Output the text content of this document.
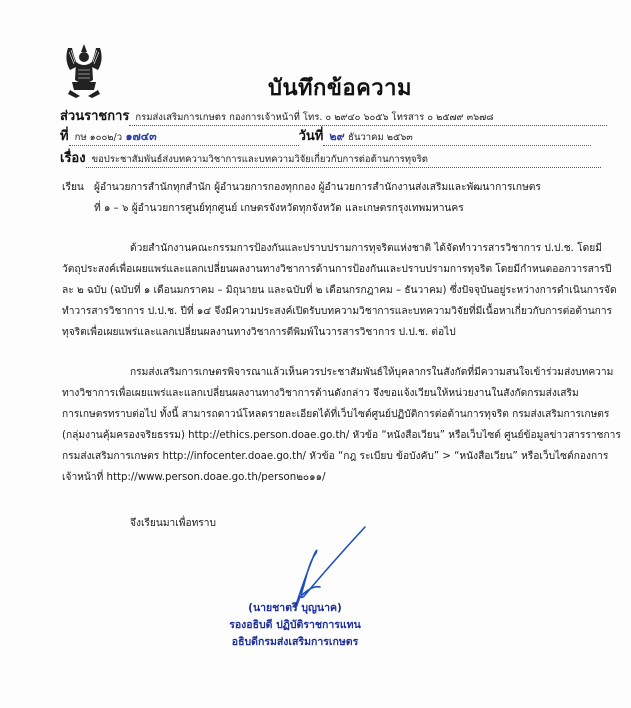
บันทึกข้อความ
ส่วนราชการ กรมส่งเสริมการเกษตร กองการเจ้าหน้าที่ โทร. ๐ ๒๙๔๐ ๖๐๕๖ โทรสาร ๐ ๒๕๗๙ ๓๖๗๘
ที่ กษ ๑๐๐๒/ว ๑๗๔๓	วันที่ ๒๙ ธันวาคม ๒๕๖๓
เรื่อง ขอประชาสัมพันธ์ส่งบทความวิชาการและบทความวิจัยเกี่ยวกับการต่อต้านการทุจริต
เรียน ผู้อำนวยการสำนักทุกสำนัก ผู้อำนวยการกองทุกกอง ผู้อำนวยการสำนักงานส่งเสริมและพัฒนาการเกษตร
ที่ ๑ – ๖ ผู้อำนวยการศูนย์ทุกศูนย์ เกษตรจังหวัดทุกจังหวัด และเกษตรกรุงเทพมหานคร
ด้วยสำนักงานคณะกรรมการป้องกันและปราบปรามการทุจริตแห่งชาติ ได้จัดทำวารสารวิชาการ ป.ป.ช. โดยมีวัตถุประสงค์เพื่อเผยแพร่และแลกเปลี่ยนผลงานทางวิชาการด้านการป้องกันและปราบปรามการทุจริต โดยมีกำหนดออกวารสารปีละ ๒ ฉบับ (ฉบับที่ ๑ เดือนมกราคม – มิถุนายน และฉบับที่ ๒ เดือนกรกฎาคม – ธันวาคม) ซึ่งปัจจุบันอยู่ระหว่างการดำเนินการจัดทำวารสารวิชาการ ป.ป.ช. ปีที่ ๑๔ จึงมีความประสงค์เปิดรับบทความวิชาการและบทความวิจัยที่มีเนื้อหาเกี่ยวกับการต่อต้านการทุจริตเพื่อเผยแพร่และแลกเปลี่ยนผลงานทางวิชาการตีพิมพ์ในวารสารวิชาการ ป.ป.ช. ต่อไป
กรมส่งเสริมการเกษตรพิจารณาแล้วเห็นควรประชาสัมพันธ์ให้บุคลากรในสังกัดที่มีความสนใจเข้าร่วมส่งบทความทางวิชาการเพื่อเผยแพร่และแลกเปลี่ยนผลงานทางวิชาการด้านดังกล่าว จึงขอแจ้งเวียนให้หน่วยงานในสังกัดกรมส่งเสริมการเกษตรทราบต่อไป ทั้งนี้ สามารถดาวน์โหลดรายละเอียดได้ที่เว็บไซต์ศูนย์ปฏิบัติการต่อต้านการทุจริต กรมส่งเสริมการเกษตร (กลุ่มงานคุ้มครองจริยธรรม) http://ethics.person.doae.go.th/ หัวข้อ “หนังสือเวียน” หรือเว็บไซต์ ศูนย์ข้อมูลข่าวสารราชการ กรมส่งเสริมการเกษตร http://infocenter.doae.go.th/ หัวข้อ “กฎ ระเบียบ ข้อบังคับ” > “หนังสือเวียน” หรือเว็บไซต์กองการเจ้าหน้าที่ http://www.person.doae.go.th/person๒๐๑๑/
จึงเรียนมาเพื่อทราบ
(นายชาตรี บุญนาค)
รองอธิบดี ปฏิบัติราชการแทน
อธิบดีกรมส่งเสริมการเกษตร
